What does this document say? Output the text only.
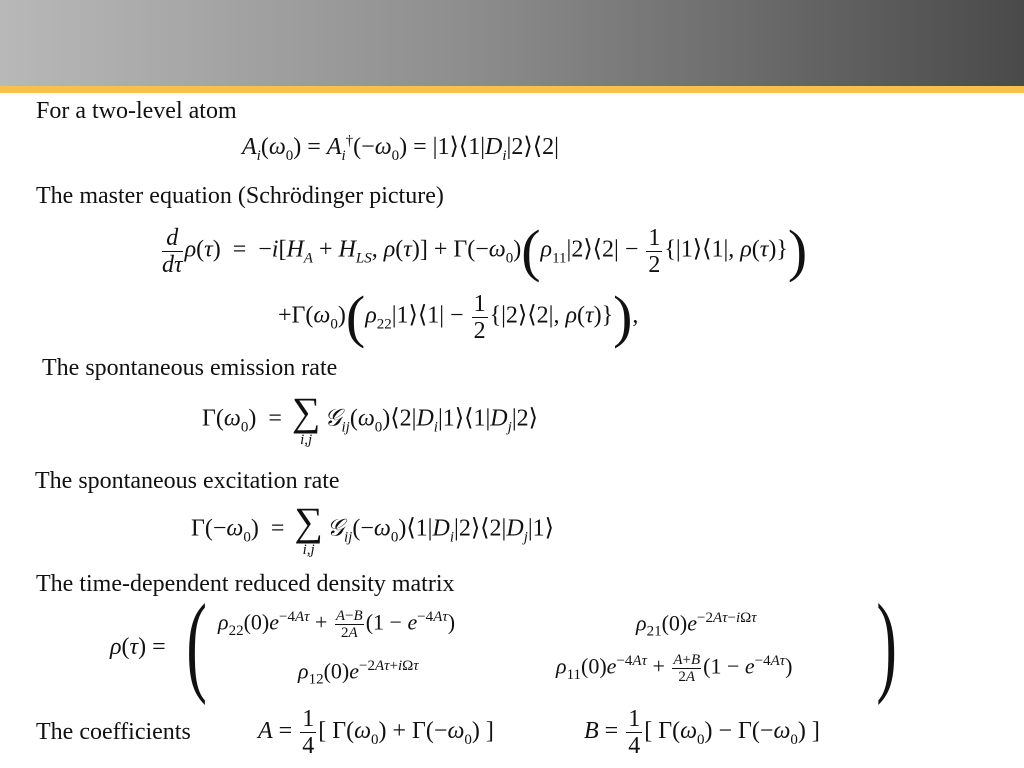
For a two-level atom
$A_i(\omega_0) = A_i^\dagger(-\omega_0)$ = $|1⟩⟨1|D_i|2⟩⟨2|$
The master equation (Schrödinger picture)
$\frac{d}{d\tau} \rho(\tau) = -i[H_A + H_{LS}$, $\rho(\tau)] + \Gamma(-\omega_0)(\rho_{11}|2⟩⟨2| - \frac{1}{2}$ {|1⟩⟨1|, ρ(τ)})
$+\Gamma(\omega_0)(\rho_{22}|1⟩⟨1| - \frac{1}{2}$ {|2⟩⟨2|, ρ(τ)}),
The spontaneous emission rate
$\Gamma(\omega_0)$  = ∑
i,j
$𝒢_{ij}(\omega_0)⟨2|D_i|1⟩⟨1|D_j|2⟩$
The spontaneous excitation rate
$\Gamma(-\omega_0)$  = ∑
i,j
$𝒢_{ij}(-\omega_0)⟨1|D_i|2⟩⟨2|D_j|1⟩$
The time-dependent reduced density matrix
ρ(τ) = ( $\rho_{22}(0)e^{-4A\tau} + \frac{A-B}{2A} (1 - e^{-4A\tau})$	$\rho_{21}(0)e^{-2A\tau-i\Omega\tau}$
$\rho_{12}(0)e^{-2A\tau+i\Omega\tau}$	$\rho_{11}(0)e^{-4A\tau} + \frac{A+B}{2A} (1 - e^{-4A\tau})$ )
The coefficients	$A = \frac{1}{4}$ [ $\Gamma(\omega_0) + \Gamma(-\omega_0)$ ]	$B = \frac{1}{4}$ [ $\Gamma(\omega_0) - \Gamma(-\omega_0)$ ]
